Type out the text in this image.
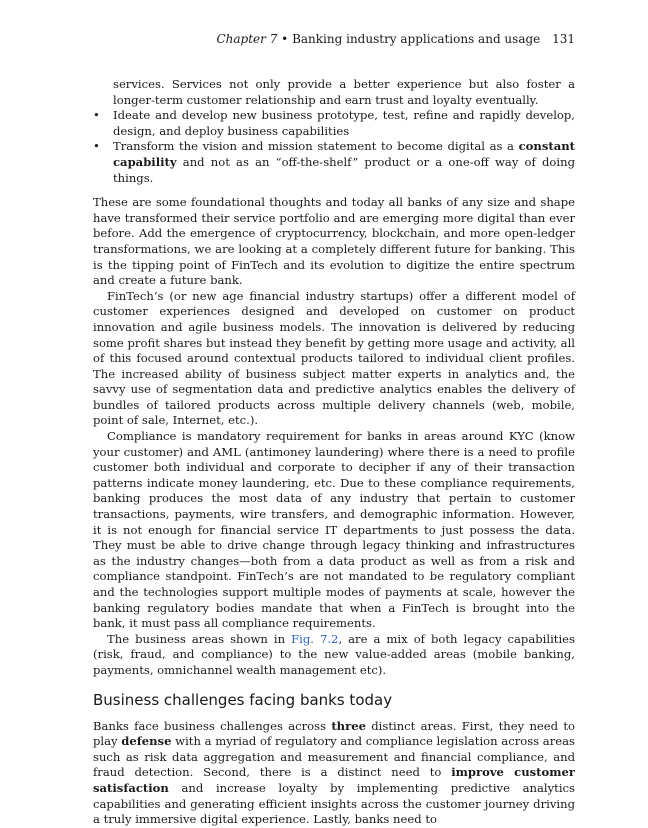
Chapter 7 • Banking industry applications and usage 131
services. Services not only provide a better experience but also foster a longer-term customer relationship and earn trust and loyalty eventually.
• Ideate and develop new business prototype, test, refine and rapidly develop, design, and deploy business capabilities
• Transform the vision and mission statement to become digital as a constant capability and not as an “off-the-shelf” product or a one-off way of doing things.

These are some foundational thoughts and today all banks of any size and shape have transformed their service portfolio and are emerging more digital than ever before. Add the emergence of cryptocurrency, blockchain, and more open-ledger transformations, we are looking at a completely different future for banking. This is the tipping point of FinTech and its evolution to digitize the entire spectrum and create a future bank.

FinTech’s (or new age financial industry startups) offer a different model of customer experiences designed and developed on customer on product innovation and agile business models. The innovation is delivered by reducing some profit shares but instead they benefit by getting more usage and activity, all of this focused around contextual products tailored to individual client profiles. The increased ability of business subject matter experts in analytics and, the savvy use of segmentation data and predictive analytics enables the delivery of bundles of tailored products across multiple delivery channels (web, mobile, point of sale, Internet, etc.).

Compliance is mandatory requirement for banks in areas around KYC (know your customer) and AML (antimoney laundering) where there is a need to profile customer both individual and corporate to decipher if any of their transaction patterns indicate money laundering, etc. Due to these compliance requirements, banking produces the most data of any industry that pertain to customer transactions, payments, wire transfers, and demographic information. However, it is not enough for financial service IT departments to just possess the data. They must be able to drive change through legacy thinking and infrastructures as the industry changes—both from a data product as well as from a risk and compliance standpoint. FinTech’s are not mandated to be regulatory compliant and the technologies support multiple modes of payments at scale, however the banking regulatory bodies mandate that when a FinTech is brought into the bank, it must pass all compliance requirements.

The business areas shown in Fig. 7.2, are a mix of both legacy capabilities (risk, fraud, and compliance) to the new value-added areas (mobile banking, payments, omnichannel wealth management etc).

Business challenges facing banks today

Banks face business challenges across three distinct areas. First, they need to play defense with a myriad of regulatory and compliance legislation across areas such as risk data aggregation and measurement and financial compliance, and fraud detection. Second, there is a distinct need to improve customer satisfaction and increase loyalty by implementing predictive analytics capabilities and generating efficient insights across the customer journey driving a truly immersive digital experience. Lastly, banks need to
